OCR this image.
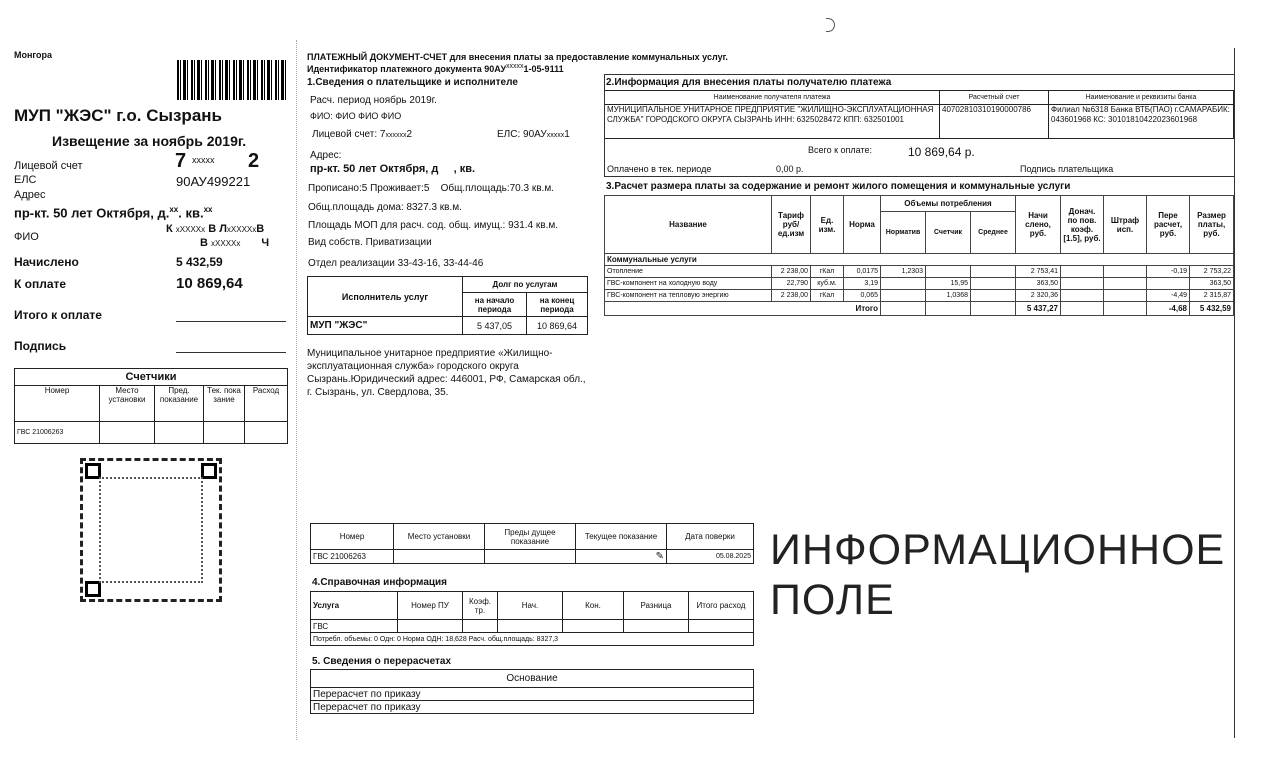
Монгора
МУП "ЖЭС" г.о. Сызрань
Извещение за ноябрь 2019г.
Лицевой счет	7 xxxxx 2
ЕЛС	90АУ499221
Адрес
пр-кт. 50 лет Октября, д.$^{xx}$. кв.$^{xx}$
ФИО
К xXXXXx В ЛxXXXXxВ
В xXXXXx Ч
Начислено	5 432,59
К оплате	10 869,64
Итого к оплате
Подпись
Счетчики				
Номер	Место установки	Пред. показание	Тек. пока зание	Расход
ГВС 21006263				
ПЛАТЕЖНЫЙ ДОКУМЕНТ-СЧЕТ для внесения платы за предоставление коммунальных услуг.
Идентификатор платежного документа $90АУ^{xxxxx}1-05-9111$
1.Сведения о плательщике и исполнителе
Расч. период ноябрь 2019г.
ФИО: ФИО ФИО ФИО
Лицевой счет: 7xxxxxx2	ЕЛС: 90АУxxxxx1
Адрес:
пр-кт. 50 лет Октября, д     , кв.
Прописано:5 Проживает:5    Общ.площадь:70.3 кв.м.
Общ.площадь дома: 8327.3 кв.м.
Площадь МОП для расч. сод. общ. имущ.: 931.4 кв.м.
Вид собств. Приватизации
Отдел реализации 33-43-16, 33-44-46
Исполнитель услуг	Долг по услугам	
	на начало периода	на конец периода
МУП "ЖЭС"	5 437,05	10 869,64
Муниципальное унитарное предприятие «Жилищно-эксплуатационная служба» городского округа Сызрань.Юридический адрес: 446001, РФ, Самарская обл., г. Сызрань, ул. Свердлова, 35.
2.Информация для внесения платы получателю платежа
Наименование получателя платежа	Расчетный счет	Наименование и реквизиты банка
МУНИЦИПАЛЬНОЕ УНИТАРНОЕ ПРЕДПРИЯТИЕ "ЖИЛИЩНО-ЭКСПЛУАТАЦИОННАЯ СЛУЖБА" ГОРОДСКОГО ОКРУГА СЫЗРАНЬ ИНН: 6325028472 КПП: 632501001	40702810310190000786	Филиал №6318 Банка ВТБ(ПАО) г.САМАРАБИК: 043601968 КС: 30101810422023601968
Всего к оплате:	10 869,64 р.
Оплачено в тек. периоде	0,00 р.	Подпись плательщика
3.Расчет размера платы за содержание и ремонт жилого помещения и коммунальные услуги
Название	Тариф руб/ ед.изм	Ед. изм.	Норма	Объемы потребления			Начи слено, руб.	Донач. по пов. коэф. [1.5], руб.	Штраф исп.	Пере расчет, руб.	Размер платы, руб.
				Норматив	Счетчик	Среднее					
Коммунальные услуги											
Отопление	2 238,00	гКал	0,0175	1,2303			2 753,41			-0,19	2 753,22
ГВС-компонент на холодную воду	22,790	куб.м.	3,19		15,95		363,50				363,50
ГВС-компонент на тепловую энергию	2 238,00	гКал	0,065		1,0368		2 320,36			-4,49	2 315,87
Итого							5 437,27			-4,68	5 432,59
Номер	Место установки	Преды дущее показание	Текущее показание	Дата поверки
ГВС 21006263			✎	05.08.2025
4.Справочная информация
Услуга	Номер ПУ	Коэф. тр.	Нач.	Кон.	Разница	Итого расход
ГВС						
Потребл. объемы: 0 Одн: 0 Норма ОДН: 18,628 Расч. общ.площадь: 8327,3						
5. Сведения о перерасчетах
Основание
Перерасчет по приказу
Перерасчет по приказу
ИНФОРМАЦИОННОЕ
ПОЛЕ
